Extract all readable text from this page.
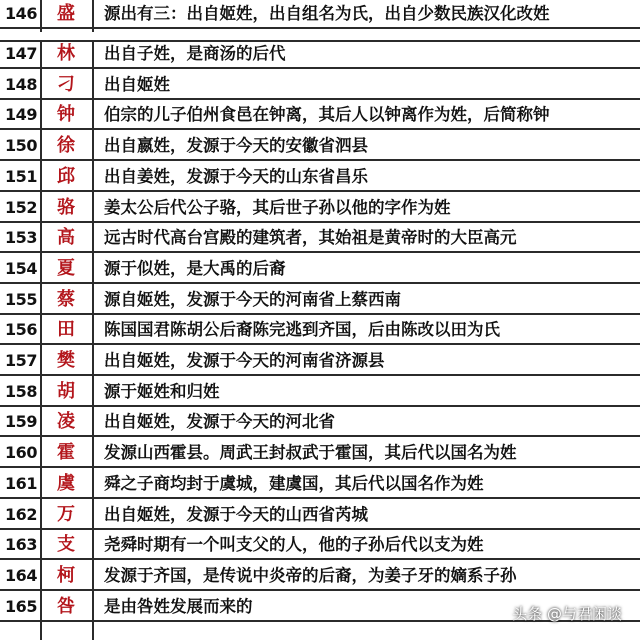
146	盛	源出有三：出自姬姓，出自组名为氏，出自少数民族汉化改姓
147	林	出自子姓，是商汤的后代
148	刁	出自姬姓
149	钟	伯宗的儿子伯州食邑在钟离，其后人以钟离作为姓，后简称钟
150	徐	出自嬴姓，发源于今天的安徽省泗县
151	邱	出自姜姓，发源于今天的山东省昌乐
152	骆	姜太公后代公子骆，其后世子孙以他的字作为姓
153	高	远古时代高台宫殿的建筑者，其始祖是黄帝时的大臣高元
154	夏	源于似姓，是大禹的后裔
155	蔡	源自姬姓，发源于今天的河南省上蔡西南
156	田	陈国国君陈胡公后裔陈完逃到齐国，后由陈改以田为氏
157	樊	出自姬姓，发源于今天的河南省济源县
158	胡	源于姬姓和归姓
159	凌	出自姬姓，发源于今天的河北省
160	霍	发源山西霍县。周武王封叔武于霍国，其后代以国名为姓
161	虞	舜之子商均封于虞城，建虞国，其后代以国名作为姓
162	万	出自姬姓，发源于今天的山西省芮城
163	支	尧舜时期有一个叫支父的人，他的子孙后代以支为姓
164	柯	发源于齐国，是传说中炎帝的后裔，为姜子牙的嫡系子孙
165	咎	是由咎姓发展而来的	头条 @与君闲谈
